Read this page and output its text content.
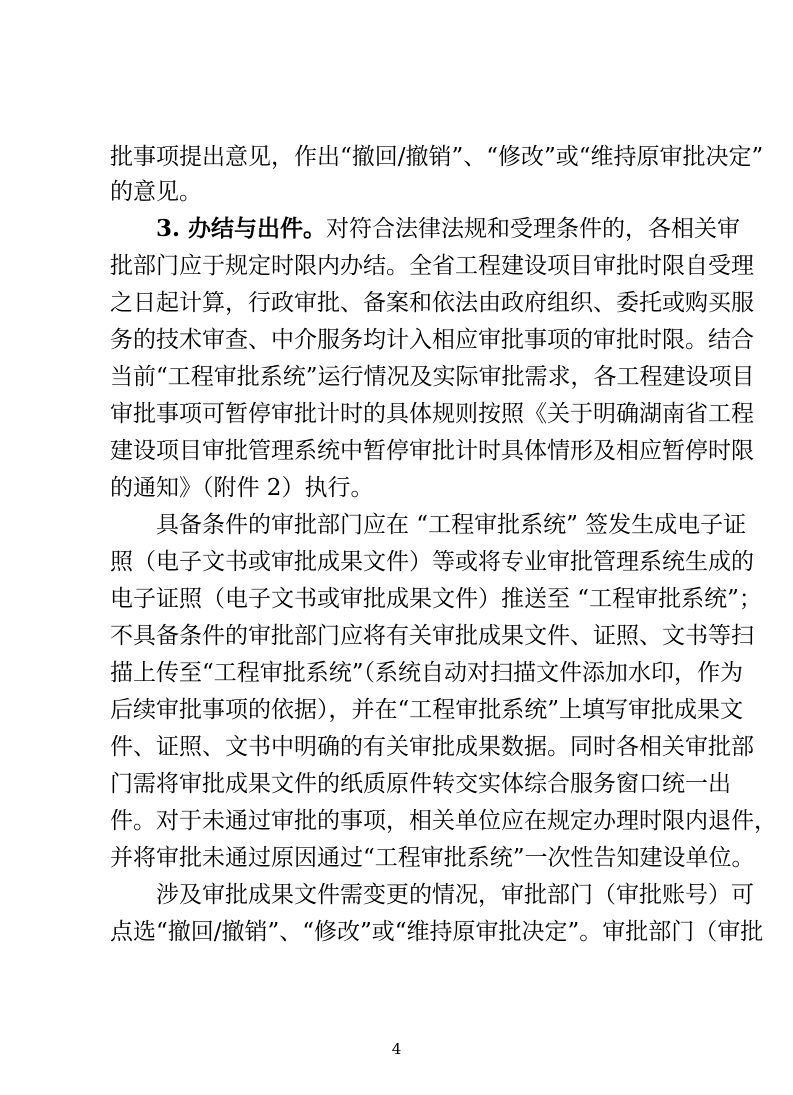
批事项提出意见，作出“撤回/撤销”、“修改”或“维持原审批决定”
的意见。
3. 办结与出件。对符合法律法规和受理条件的，各相关审
批部门应于规定时限内办结。全省工程建设项目审批时限自受理
之日起计算，行政审批、备案和依法由政府组织、委托或购买服
务的技术审查、中介服务均计入相应审批事项的审批时限。结合
当前“工程审批系统”运行情况及实际审批需求，各工程建设项目
审批事项可暂停审批计时的具体规则按照《关于明确湖南省工程
建设项目审批管理系统中暂停审批计时具体情形及相应暂停时限
的通知》（附件 2）执行。
具备条件的审批部门应在 “工程审批系统” 签发生成电子证
照（电子文书或审批成果文件）等或将专业审批管理系统生成的
电子证照（电子文书或审批成果文件）推送至 “工程审批系统”；
不具备条件的审批部门应将有关审批成果文件、证照、文书等扫
描上传至“工程审批系统”（系统自动对扫描文件添加水印，作为
后续审批事项的依据），并在“工程审批系统”上填写审批成果文
件、证照、文书中明确的有关审批成果数据。同时各相关审批部
门需将审批成果文件的纸质原件转交实体综合服务窗口统一出
件。对于未通过审批的事项，相关单位应在规定办理时限内退件，
并将审批未通过原因通过“工程审批系统”一次性告知建设单位。
涉及审批成果文件需变更的情况，审批部门（审批账号）可
点选“撤回/撤销”、“修改”或“维持原审批决定”。审批部门（审批
4
